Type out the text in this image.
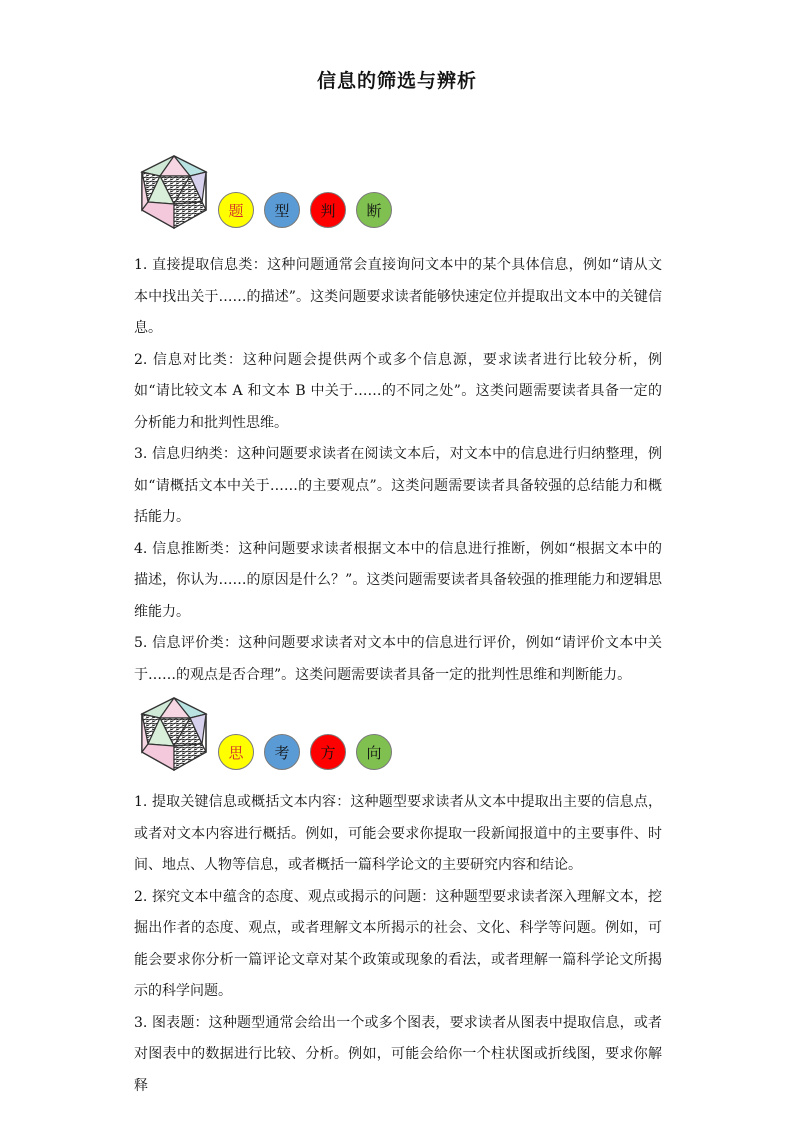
信息的筛选与辨析
题	型	判	断

1. 直接提取信息类：这种问题通常会直接询问文本中的某个具体信息，例如“请从文本中找出关于……的描述”。这类问题要求读者能够快速定位并提取出文本中的关键信息。

2. 信息对比类：这种问题会提供两个或多个信息源，要求读者进行比较分析，例如“请比较文本 A 和文本 B 中关于……的不同之处”。这类问题需要读者具备一定的分析能力和批判性思维。

3. 信息归纳类：这种问题要求读者在阅读文本后，对文本中的信息进行归纳整理，例如“请概括文本中关于……的主要观点”。这类问题需要读者具备较强的总结能力和概括能力。

4. 信息推断类：这种问题要求读者根据文本中的信息进行推断，例如“根据文本中的描述，你认为……的原因是什么？”。这类问题需要读者具备较强的推理能力和逻辑思维能力。

5. 信息评价类：这种问题要求读者对文本中的信息进行评价，例如“请评价文本中关于……的观点是否合理”。这类问题需要读者具备一定的批判性思维和判断能力。

思	考	方	向

1. 提取关键信息或概括文本内容：这种题型要求读者从文本中提取出主要的信息点，或者对文本内容进行概括。例如，可能会要求你提取一段新闻报道中的主要事件、时间、地点、人物等信息，或者概括一篇科学论文的主要研究内容和结论。

2. 探究文本中蕴含的态度、观点或揭示的问题：这种题型要求读者深入理解文本，挖掘出作者的态度、观点，或者理解文本所揭示的社会、文化、科学等问题。例如，可能会要求你分析一篇评论文章对某个政策或现象的看法，或者理解一篇科学论文所揭示的科学问题。

3. 图表题：这种题型通常会给出一个或多个图表，要求读者从图表中提取信息，或者对图表中的数据进行比较、分析。例如，可能会给你一个柱状图或折线图，要求你解释
